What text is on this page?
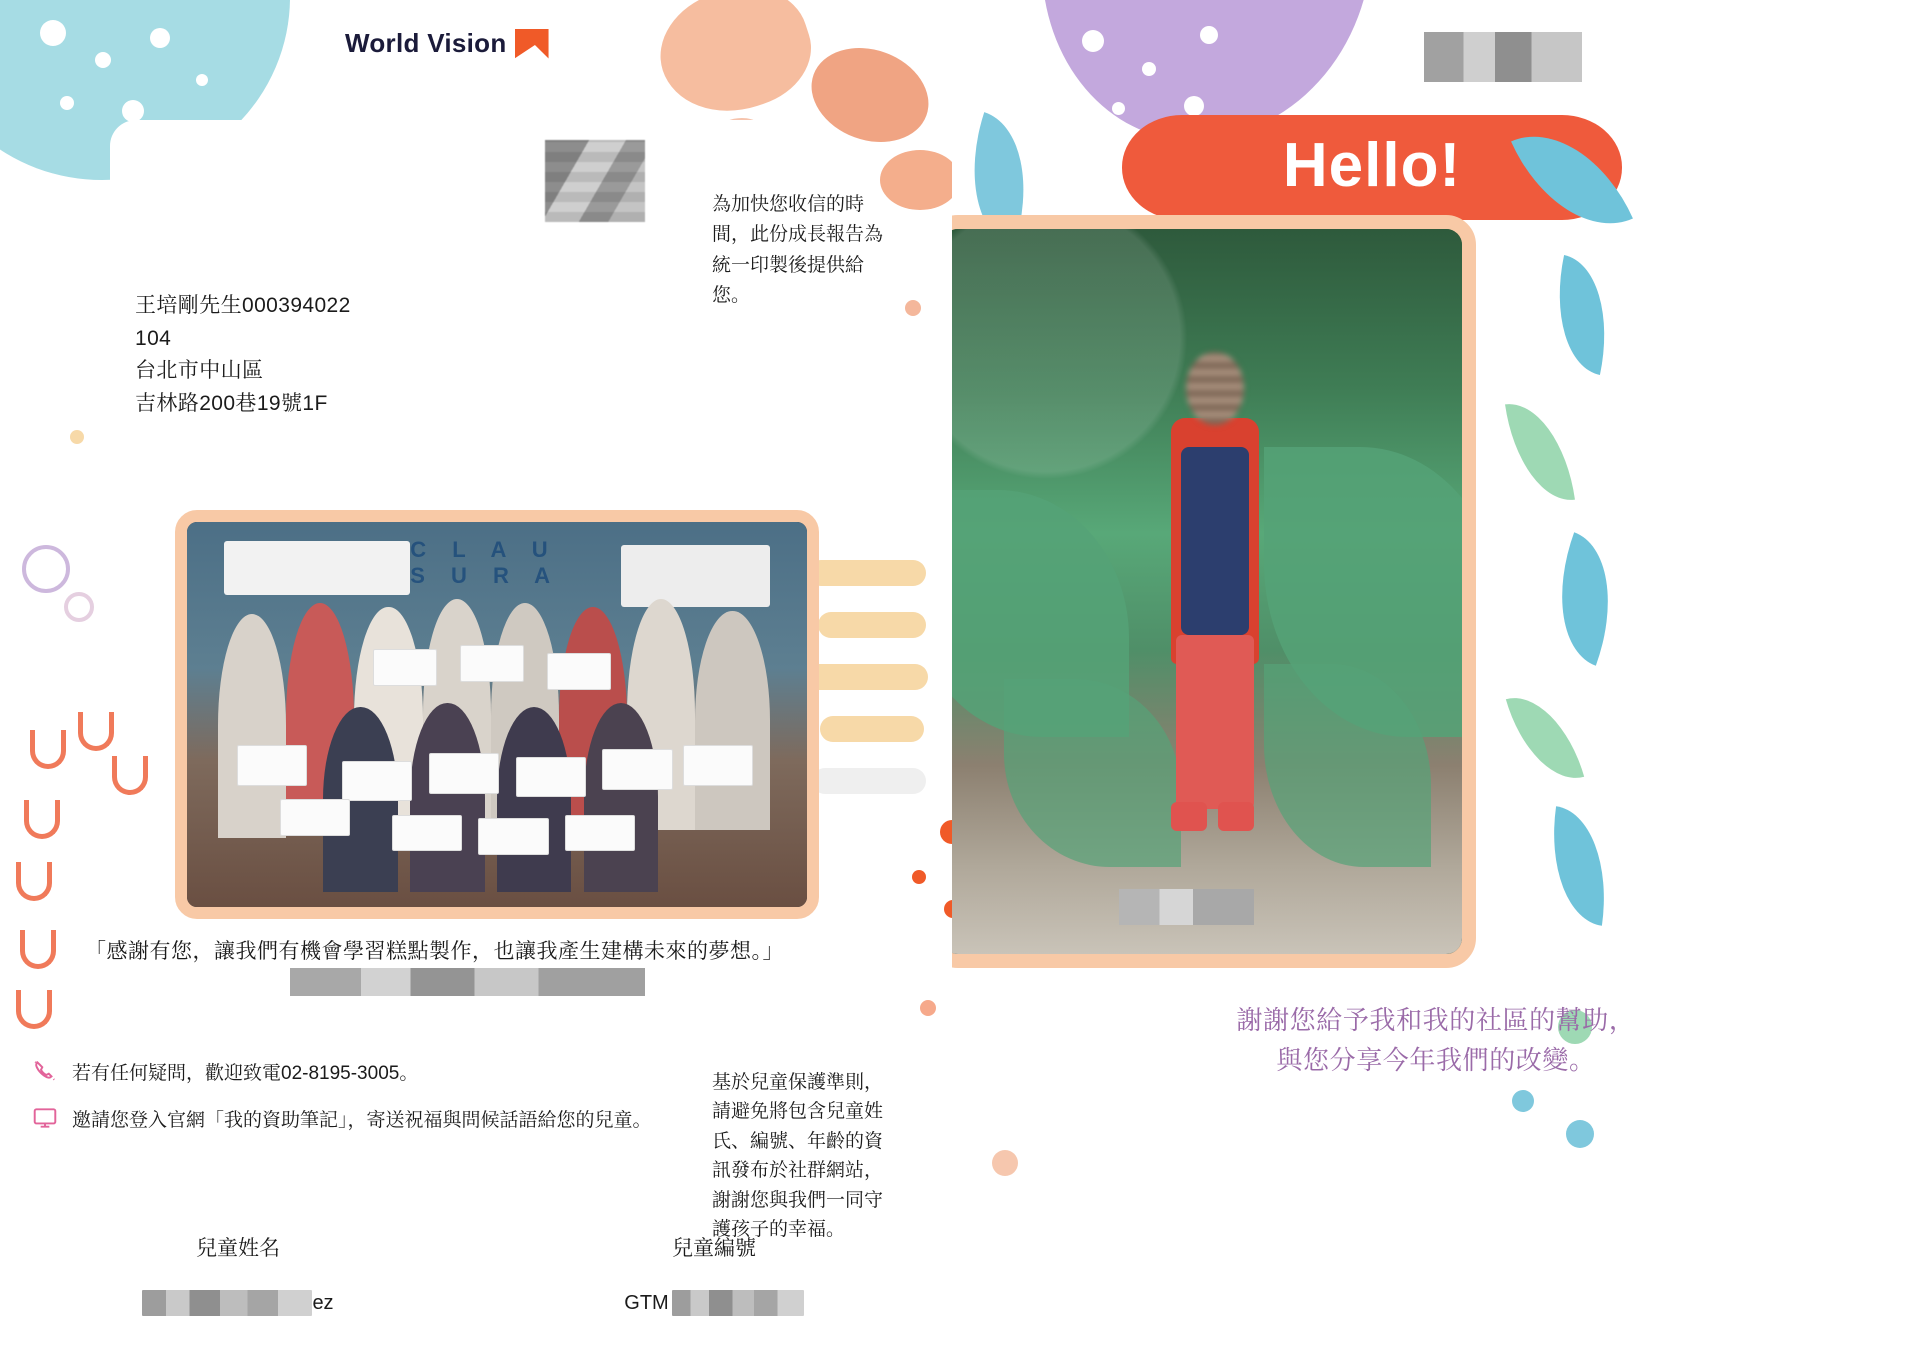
World Vision
王培剛先生000394022
104
台北市中山區
吉林路200巷19號1F
為加快您收信的時間，此份成長報告為統一印製後提供給您。
C L A U S U R A
「感謝有您，讓我們有機會學習糕點製作，也讓我產生建構未來的夢想。」
若有任何疑問，歡迎致電02-8195-3005。
邀請您登入官網「我的資助筆記」，寄送祝福與問候話語給您的兒童。
基於兒童保護準則，請避免將包含兒童姓氏、編號、年齡的資訊發布於社群網站，謝謝您與我們一同守護孩子的幸福。
兒童姓名
ez
兒童編號
GTM
Hello!
謝謝您給予我和我的社區的幫助，
與您分享今年我們的改變。
